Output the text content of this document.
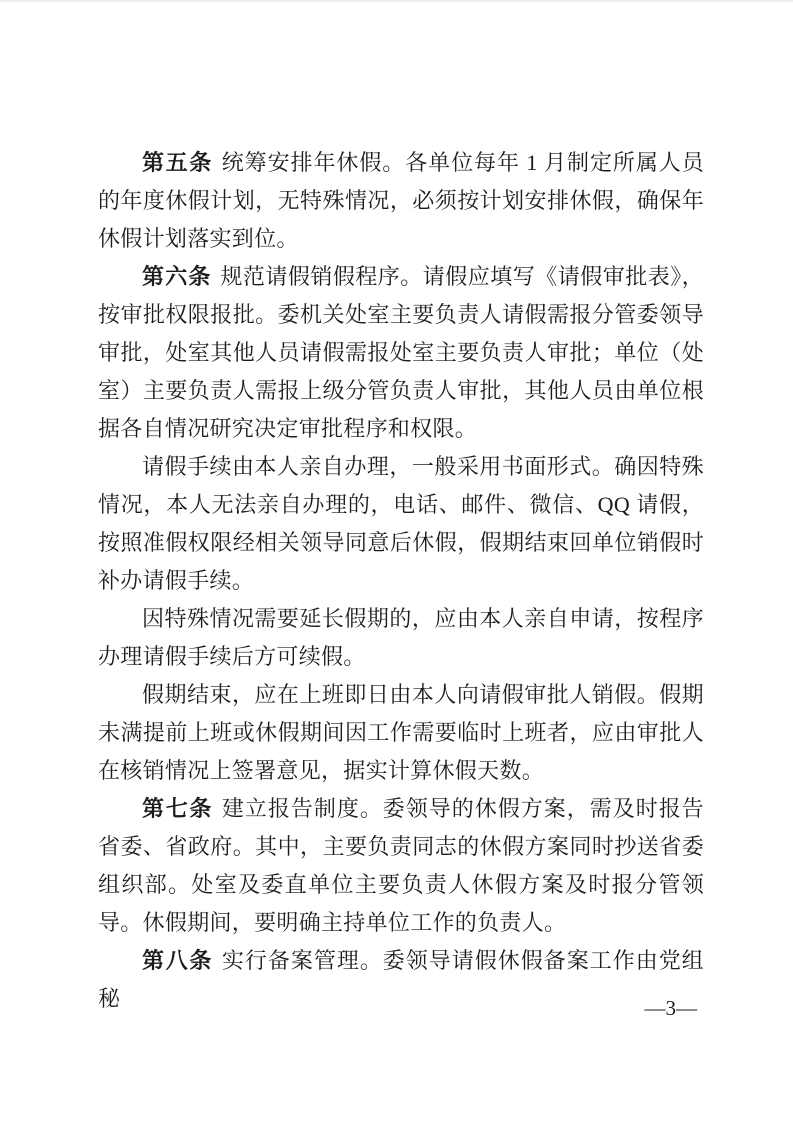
第五条 统筹安排年休假。各单位每年 1 月制定所属人员的年度休假计划，无特殊情况，必须按计划安排休假，确保年休假计划落实到位。

第六条 规范请假销假程序。请假应填写《请假审批表》，按审批权限报批。委机关处室主要负责人请假需报分管委领导审批，处室其他人员请假需报处室主要负责人审批；单位（处室）主要负责人需报上级分管负责人审批，其他人员由单位根据各自情况研究决定审批程序和权限。

请假手续由本人亲自办理，一般采用书面形式。确因特殊情况，本人无法亲自办理的，电话、邮件、微信、QQ 请假，按照准假权限经相关领导同意后休假，假期结束回单位销假时补办请假手续。

因特殊情况需要延长假期的，应由本人亲自申请，按程序办理请假手续后方可续假。

假期结束，应在上班即日由本人向请假审批人销假。假期未满提前上班或休假期间因工作需要临时上班者，应由审批人在核销情况上签署意见，据实计算休假天数。

第七条 建立报告制度。委领导的休假方案，需及时报告省委、省政府。其中，主要负责同志的休假方案同时抄送省委组织部。处室及委直单位主要负责人休假方案及时报分管领导。休假期间，要明确主持单位工作的负责人。

第八条 实行备案管理。委领导请假休假备案工作由党组秘	—3—
